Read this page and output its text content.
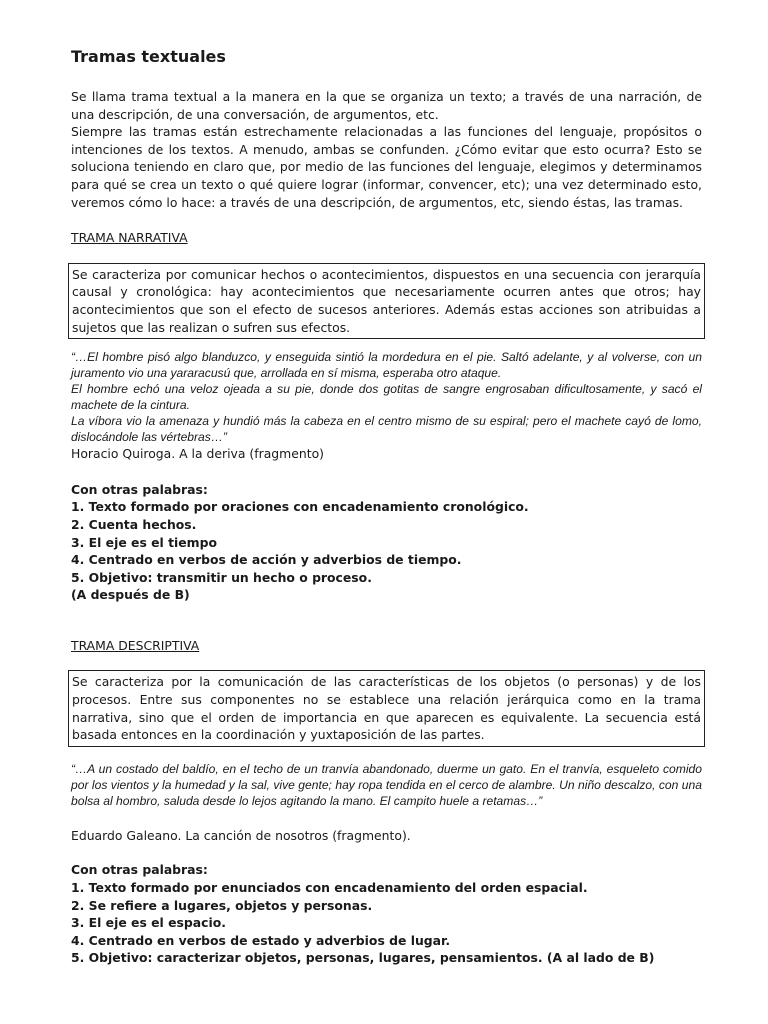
Tramas textuales

Se llama trama textual a la manera en la que se organiza un texto; a través de una narración, de una descripción, de una conversación, de argumentos, etc.

Siempre las tramas están estrechamente relacionadas a las funciones del lenguaje, propósitos o intenciones de los textos. A menudo, ambas se confunden. ¿Cómo evitar que esto ocurra? Esto se soluciona teniendo en claro que, por medio de las funciones del lenguaje, elegimos y determinamos para qué se crea un texto o qué quiere lograr (informar, convencer, etc); una vez determinado esto, veremos cómo lo hace: a través de una descripción, de argumentos, etc, siendo éstas, las tramas.

TRAMA NARRATIVA

Se caracteriza por comunicar hechos o acontecimientos, dispuestos en una secuencia con jerarquía causal y cronológica: hay acontecimientos que necesariamente ocurren antes que otros; hay acontecimientos que son el efecto de sucesos anteriores. Además estas acciones son atribuidas a sujetos que las realizan o sufren sus efectos.

“…El hombre pisó algo blanduzco, y enseguida sintió la mordedura en el pie. Saltó adelante, y al volverse, con un juramento vio una yararacusú que, arrollada en sí misma, esperaba otro ataque.

El hombre echó una veloz ojeada a su pie, donde dos gotitas de sangre engrosaban dificultosamente, y sacó el machete de la cintura.

La víbora vio la amenaza y hundió más la cabeza en el centro mismo de su espiral; pero el machete cayó de lomo, dislocándole las vértebras…”

Horacio Quiroga. A la deriva (fragmento)

Con otras palabras:

1. Texto formado por oraciones con encadenamiento cronológico.

2. Cuenta hechos.

3. El eje es el tiempo

4. Centrado en verbos de acción y adverbios de tiempo.

5. Objetivo: transmitir un hecho o proceso.

(A después de B)

TRAMA DESCRIPTIVA

Se caracteriza por la comunicación de las características de los objetos (o personas) y de los procesos. Entre sus componentes no se establece una relación jerárquica como en la trama narrativa, sino que el orden de importancia en que aparecen es equivalente. La secuencia está basada entonces en la coordinación y yuxtaposición de las partes.

“…A un costado del baldío, en el techo de un tranvía abandonado, duerme un gato. En el tranvía, esqueleto comido por los vientos y la humedad y la sal, vive gente; hay ropa tendida en el cerco de alambre. Un niño descalzo, con una bolsa al hombro, saluda desde lo lejos agitando la mano. El campito huele a retamas…”

Eduardo Galeano. La canción de nosotros (fragmento).

Con otras palabras:

1. Texto formado por enunciados con encadenamiento del orden espacial.

2. Se refiere a lugares, objetos y personas.

3. El eje es el espacio.

4. Centrado en verbos de estado y adverbios de lugar.

5. Objetivo: caracterizar objetos, personas, lugares, pensamientos. (A al lado de B)
